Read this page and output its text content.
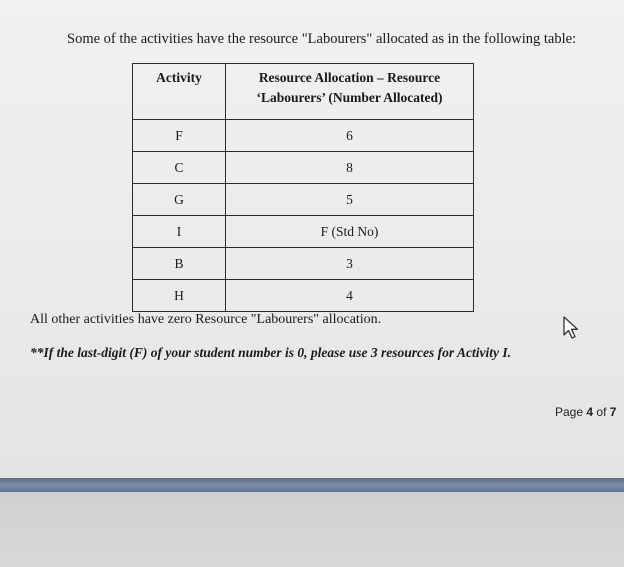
Some of the activities have the resource "Labourers" allocated as in the following table:
Activity	Resource Allocation – Resource
‘Labourers’ (Number Allocated)

F	6
C	8
G	5
I	F (Std No)
B	3
H	4
All other activities have zero Resource "Labourers" allocation.
**If the last-digit (F) of your student number is 0, please use 3 resources for Activity I.
Page 4 of 7
